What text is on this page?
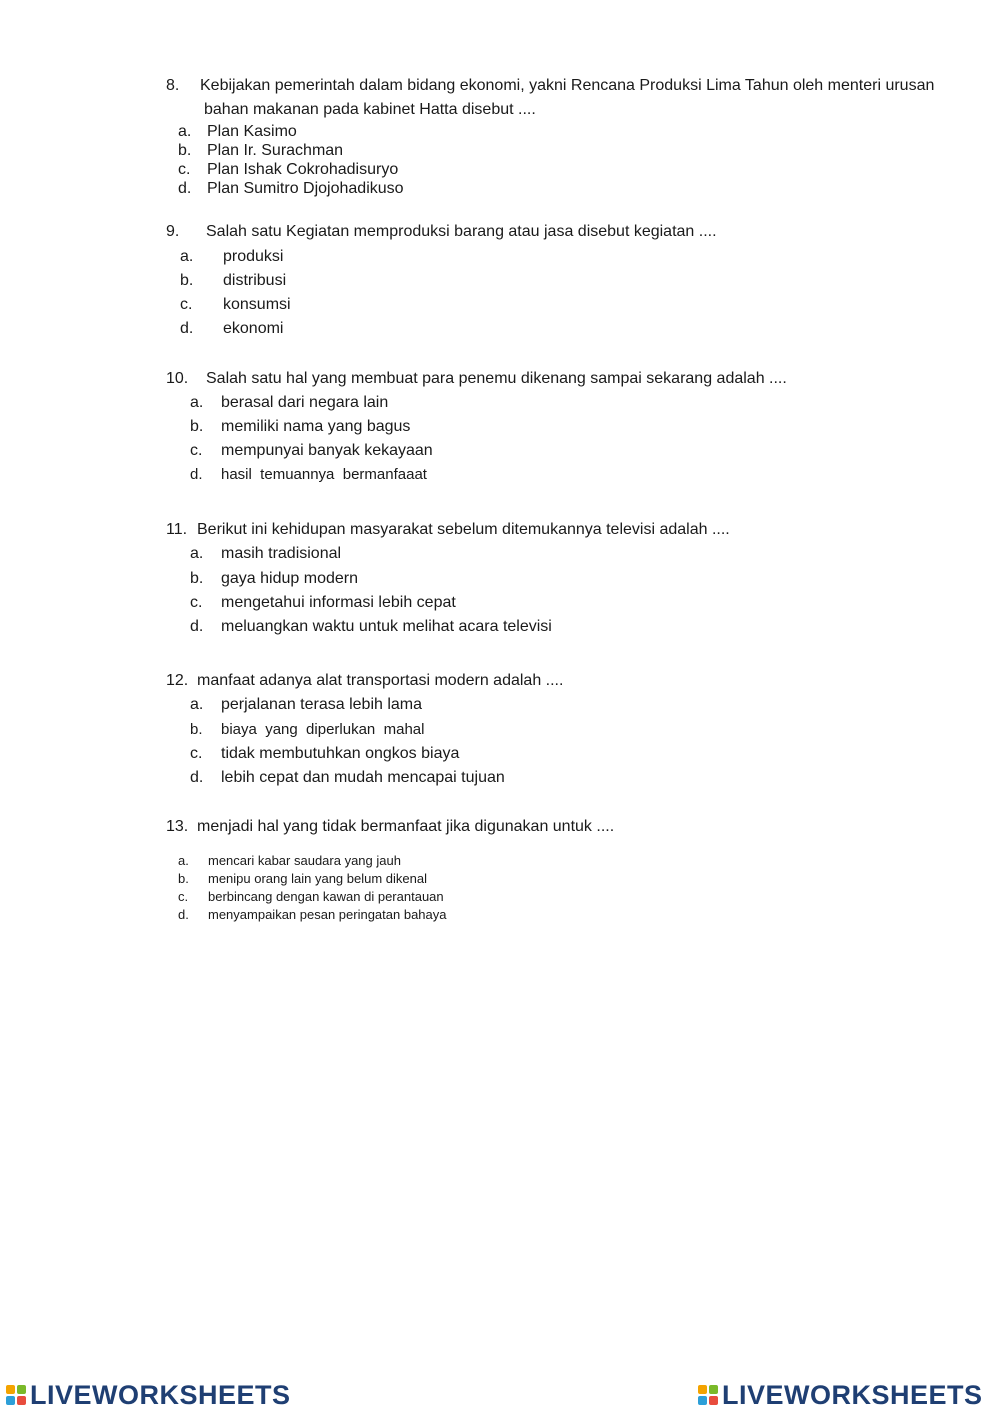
8. Kebijakan pemerintah dalam bidang ekonomi, yakni Rencana Produksi Lima Tahun oleh menteri urusan
bahan makanan pada kabinet Hatta disebut ....
a. Plan Kasimo
b. Plan Ir. Surachman
c. Plan Ishak Cokrohadisuryo
d. Plan Sumitro Djojohadikuso
9. Salah satu Kegiatan memproduksi barang atau jasa disebut kegiatan ....
a. produksi
b. distribusi
c. konsumsi
d. ekonomi
10. Salah satu hal yang membuat para penemu dikenang sampai sekarang adalah ....
a. berasal dari negara lain
b. memiliki nama yang bagus
c. mempunyai banyak kekayaan
d. hasil  temuannya  bermanfaaat
11. Berikut ini kehidupan masyarakat sebelum ditemukannya televisi adalah ....
a. masih tradisional
b. gaya hidup modern
c. mengetahui informasi lebih cepat
d. meluangkan waktu untuk melihat acara televisi
12. manfaat adanya alat transportasi modern adalah ....
a. perjalanan terasa lebih lama
b. biaya  yang  diperlukan  mahal
c. tidak membutuhkan ongkos biaya
d. lebih cepat dan mudah mencapai tujuan
13. menjadi hal yang tidak bermanfaat jika digunakan untuk ....
a. mencari kabar saudara yang jauh
b. menipu orang lain yang belum dikenal
c. berbincang dengan kawan di perantauan
d. menyampaikan pesan peringatan bahaya
LIVEWORKSHEETS	LIVEWORKSHEETS
